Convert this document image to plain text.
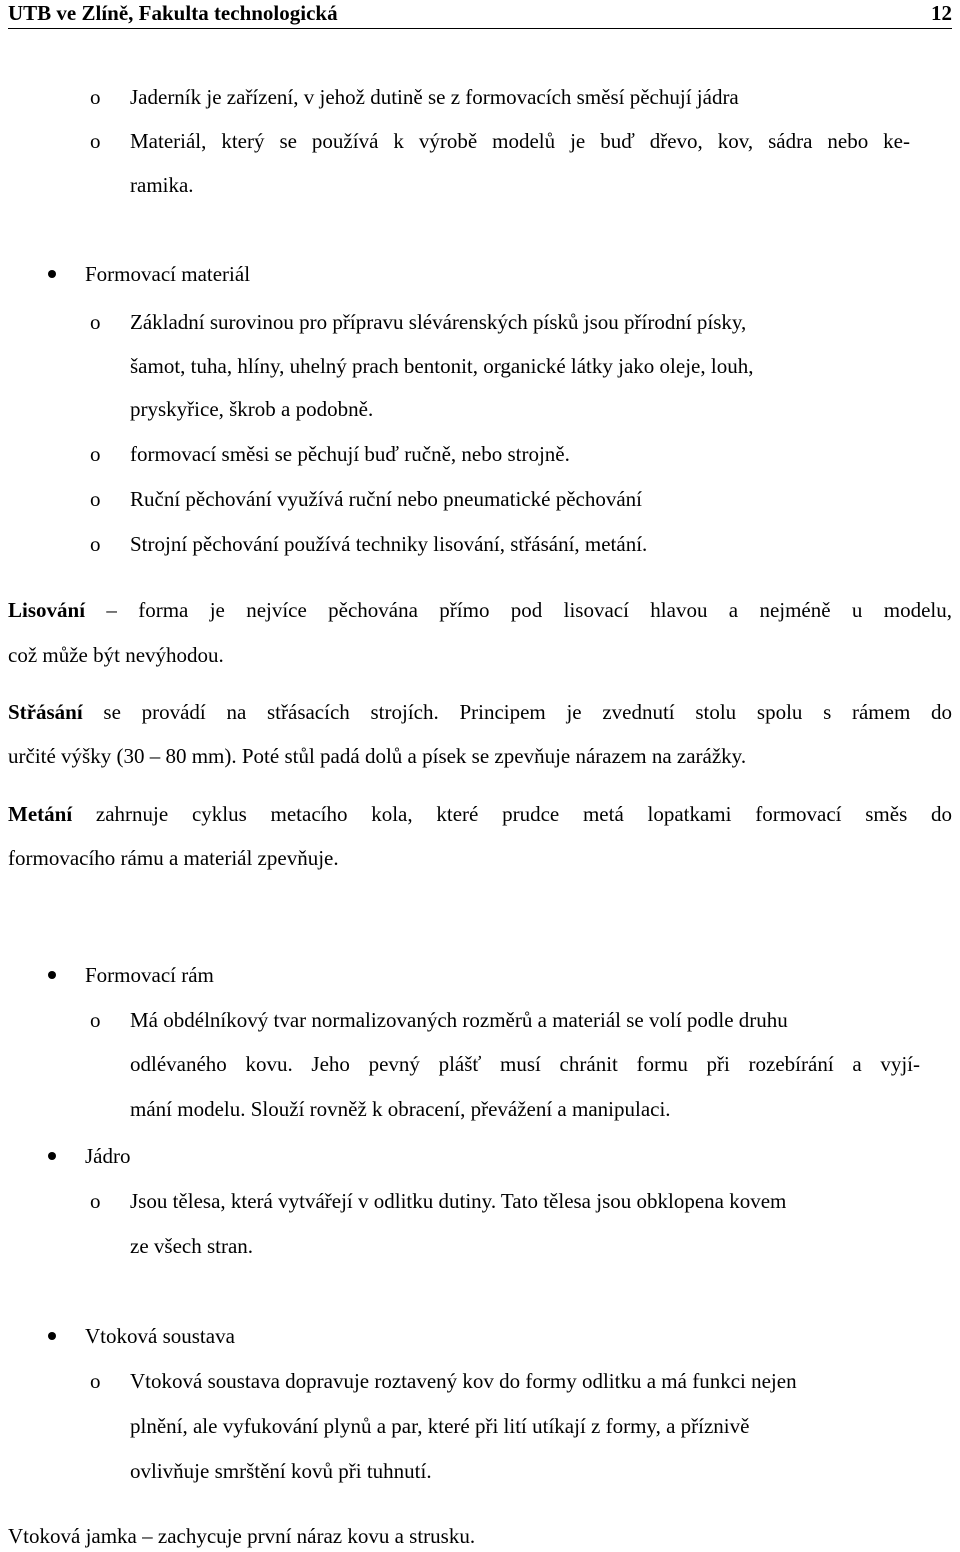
UTB ve Zlíně, Fakulta technologická	12
o Jaderník je zařízení, v jehož dutině se z formovacích směsí pěchují jádra
o Materiál, který se používá k výrobě modelů je buď dřevo, kov, sádra nebo ke-
ramika.
Formovací materiál
o Základní surovinou pro přípravu slévárenských písků jsou přírodní písky,
šamot, tuha, hlíny, uhelný prach bentonit, organické látky jako oleje, louh,
pryskyřice, škrob a podobně.
o formovací směsi se pěchují buď ručně, nebo strojně.
o Ruční pěchování využívá ruční nebo pneumatické pěchování
o Strojní pěchování používá techniky lisování, střásání, metání.
Lisování – forma je nejvíce pěchována přímo pod lisovací hlavou a nejméně u modelu,
což může být nevýhodou.
Střásání se provádí na střásacích strojích. Principem je zvednutí stolu spolu s rámem do
určité výšky (30 – 80 mm). Poté stůl padá dolů a písek se zpevňuje nárazem na zarážky.
Metání zahrnuje cyklus metacího kola, které prudce metá lopatkami formovací směs do
formovacího rámu a materiál zpevňuje.
Formovací rám
o Má obdélníkový tvar normalizovaných rozměrů a materiál se volí podle druhu
odlévaného kovu. Jeho pevný plášť musí chránit formu při rozebírání a vyjí-
mání modelu. Slouží rovněž k obracení, převážení a manipulaci.
Jádro
o Jsou tělesa, která vytvářejí v odlitku dutiny. Tato tělesa jsou obklopena kovem
ze všech stran.
Vtoková soustava
o Vtoková soustava dopravuje roztavený kov do formy odlitku a má funkci nejen
plnění, ale vyfukování plynů a par, které při lití utíkají z formy, a příznivě
ovlivňuje smrštění kovů při tuhnutí.
Vtoková jamka – zachycuje první náraz kovu a strusku.
